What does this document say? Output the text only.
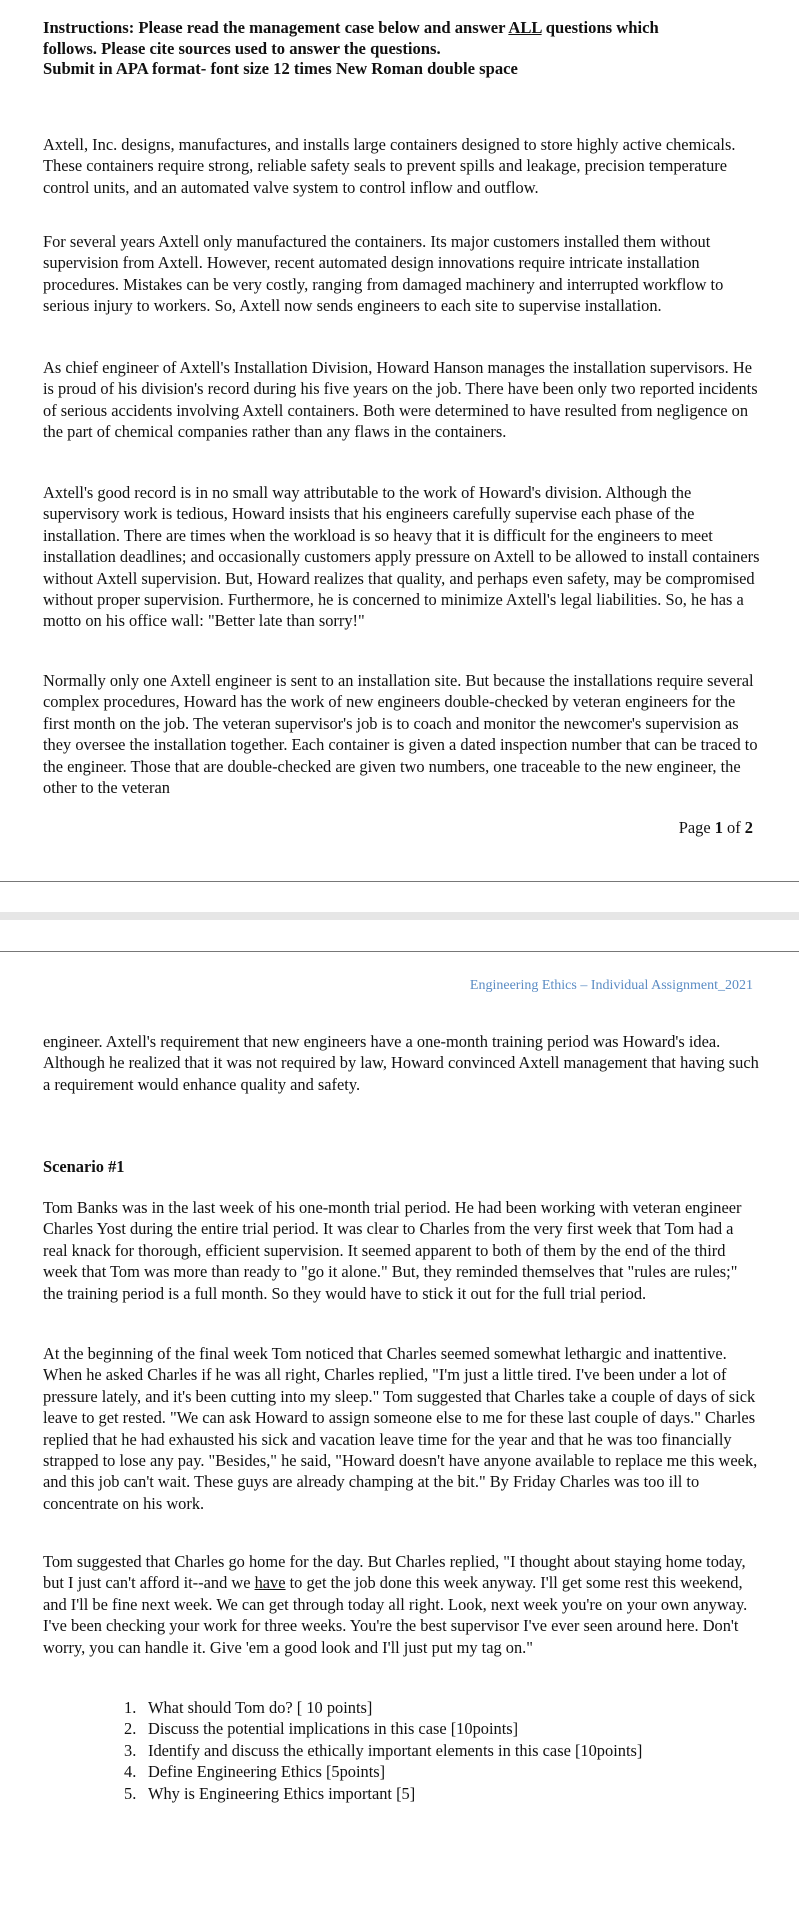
Instructions: Please read the management case below and answer ALL questions which
follows. Please cite sources used to answer the questions.
Submit in APA format- font size 12 times New Roman double space

Axtell, Inc. designs, manufactures, and installs large containers designed to store highly active chemicals. These containers require strong, reliable safety seals to prevent spills and leakage, precision temperature control units, and an automated valve system to control inflow and outflow.

For several years Axtell only manufactured the containers. Its major customers installed them without supervision from Axtell. However, recent automated design innovations require intricate installation procedures. Mistakes can be very costly, ranging from damaged machinery and interrupted workflow to serious injury to workers. So, Axtell now sends engineers to each site to supervise installation.

As chief engineer of Axtell's Installation Division, Howard Hanson manages the installation supervisors. He is proud of his division's record during his five years on the job. There have been only two reported incidents of serious accidents involving Axtell containers. Both were determined to have resulted from negligence on the part of chemical companies rather than any flaws in the containers.

Axtell's good record is in no small way attributable to the work of Howard's division. Although the supervisory work is tedious, Howard insists that his engineers carefully supervise each phase of the installation. There are times when the workload is so heavy that it is difficult for the engineers to meet installation deadlines; and occasionally customers apply pressure on Axtell to be allowed to install containers without Axtell supervision. But, Howard realizes that quality, and perhaps even safety, may be compromised without proper supervision. Furthermore, he is concerned to minimize Axtell's legal liabilities. So, he has a motto on his office wall: "Better late than sorry!"

Normally only one Axtell engineer is sent to an installation site. But because the installations require several complex procedures, Howard has the work of new engineers double-checked by veteran engineers for the first month on the job. The veteran supervisor's job is to coach and monitor the newcomer's supervision as they oversee the installation together. Each container is given a dated inspection number that can be traced to the engineer. Those that are double-checked are given two numbers, one traceable to the new engineer, the other to the veteran

Page 1 of 2
Engineering Ethics – Individual Assignment_2021

engineer. Axtell's requirement that new engineers have a one-month training period was Howard's idea. Although he realized that it was not required by law, Howard convinced Axtell management that having such a requirement would enhance quality and safety.

Scenario #1

Tom Banks was in the last week of his one-month trial period. He had been working with veteran engineer Charles Yost during the entire trial period. It was clear to Charles from the very first week that Tom had a real knack for thorough, efficient supervision. It seemed apparent to both of them by the end of the third week that Tom was more than ready to "go it alone." But, they reminded themselves that "rules are rules;" the training period is a full month. So they would have to stick it out for the full trial period.

At the beginning of the final week Tom noticed that Charles seemed somewhat lethargic and inattentive. When he asked Charles if he was all right, Charles replied, "I'm just a little tired. I've been under a lot of pressure lately, and it's been cutting into my sleep." Tom suggested that Charles take a couple of days of sick leave to get rested. "We can ask Howard to assign someone else to me for these last couple of days." Charles replied that he had exhausted his sick and vacation leave time for the year and that he was too financially strapped to lose any pay. "Besides," he said, "Howard doesn't have anyone available to replace me this week, and this job can't wait. These guys are already champing at the bit." By Friday Charles was too ill to concentrate on his work.

Tom suggested that Charles go home for the day. But Charles replied, "I thought about staying home today, but I just can't afford it--and we have to get the job done this week anyway. I'll get some rest this weekend, and I'll be fine next week. We can get through today all right. Look, next week you're on your own anyway. I've been checking your work for three weeks. You're the best supervisor I've ever seen around here. Don't worry, you can handle it. Give 'em a good look and I'll just put my tag on."

1. What should Tom do? [ 10 points]
2. Discuss the potential implications in this case [10points]
3. Identify and discuss the ethically important elements in this case [10points]
4. Define Engineering Ethics [5points]
5. Why is Engineering Ethics important [5]
